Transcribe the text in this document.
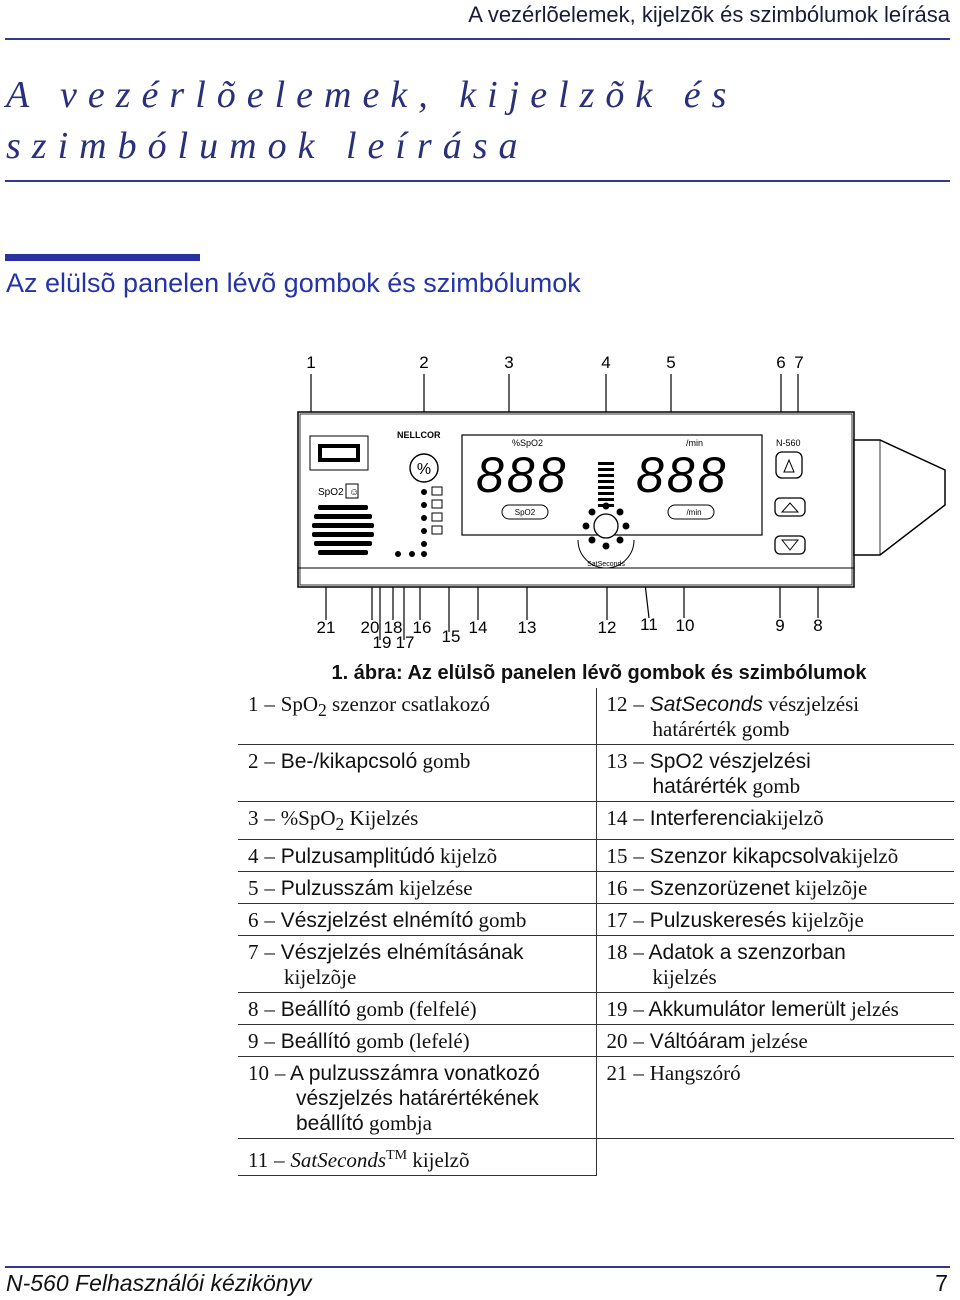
A vezérlõelemek, kijelzõk és szimbólumok leírása
A vezérlõelemek, kijelzõk és
szimbólumok leírása
Az elülsõ panelen lévõ gombok és szimbólumok
1	2	3	4	5	6 7
SpO2 ☺
NELLCOR
%
%SpO2	/min
888 888
SpO2	/min
SatSeconds
N-560
21 20 18 16
19 17 15 14 13	12 11 10	9 8
1. ábra: Az elülsõ panelen lévõ gombok és szimbólumok
1 – SpO$_2$ szenzor csatlakozó	12 – SatSeconds vészjelzési
határérték gomb

2 – Be-/kikapcsoló gomb	13 – SpO2 vészjelzési
határérték gomb

3 – %SpO$_2$ Kijelzés	14 – Interferenciakijelzõ
4 – Pulzusamplitúdó kijelzõ	15 – Szenzor kikapcsolvakijelzõ
5 – Pulzusszám kijelzése	16 – Szenzorüzenet kijelzõje
6 – Vészjelzést elnémító gomb	17 – Pulzuskeresés kijelzõje
7 – Vészjelzés elnémításának
kijelzõje	18 – Adatok a szenzorban
kijelzés

8 – Beállító gomb (felfelé)	19 – Akkumulátor lemerült jelzés
9 – Beállító gomb (lefelé)	20 – Váltóáram jelzése
10 – A pulzusszámra vonatkozó
vészjelzés határértékének
beállító gombja	21 – Hangszóró
11 – SatSeconds™ kijelzõ	
N-560 Felhasználói kézikönyv	7
